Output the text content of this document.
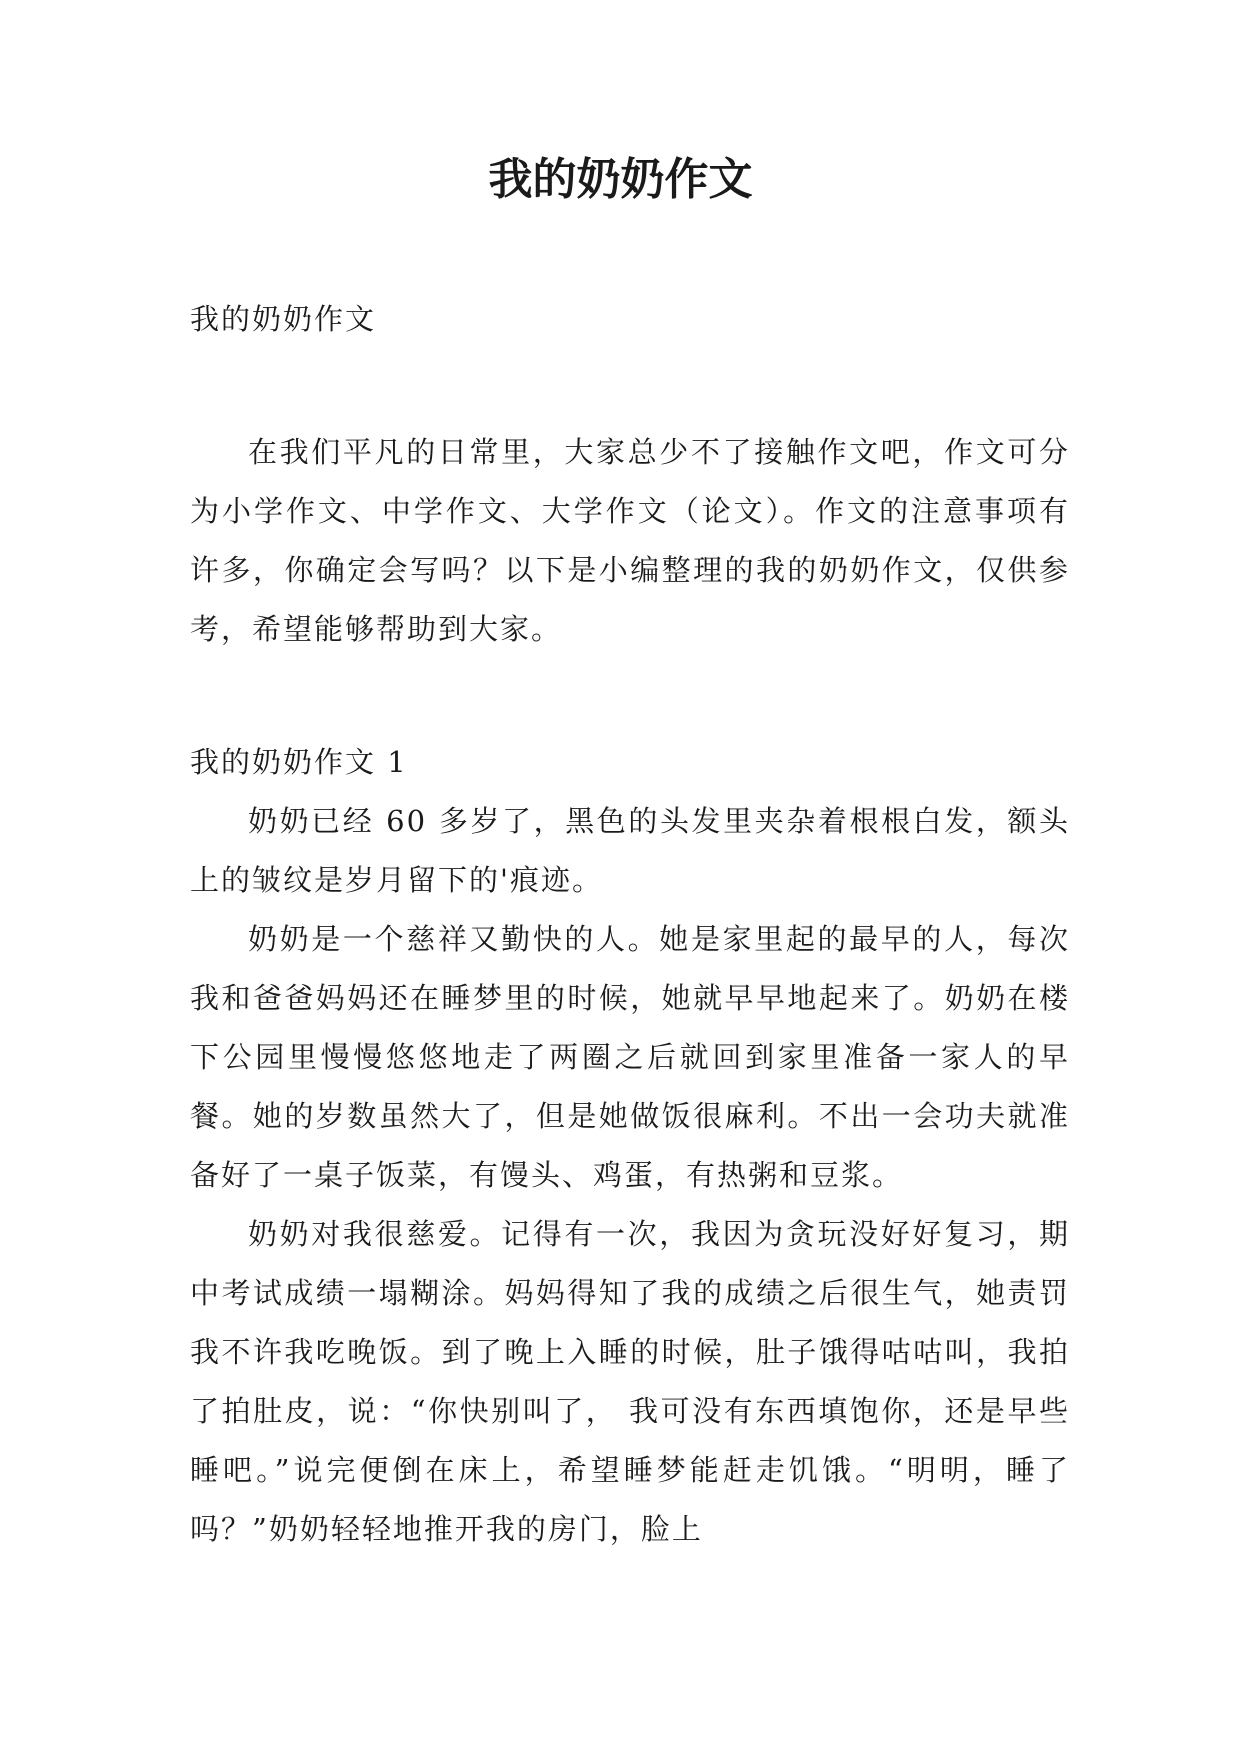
我的奶奶作文

我的奶奶作文

在我们平凡的日常里，大家总少不了接触作文吧，作文可分为小学作文、中学作文、大学作文（论文）。作文的注意事项有许多，你确定会写吗？以下是小编整理的我的奶奶作文，仅供参考，希望能够帮助到大家。

我的奶奶作文 1

奶奶已经 60 多岁了，黑色的头发里夹杂着根根白发，额头上的皱纹是岁月留下的'痕迹。

奶奶是一个慈祥又勤快的人。她是家里起的最早的人，每次我和爸爸妈妈还在睡梦里的时候，她就早早地起来了。奶奶在楼下公园里慢慢悠悠地走了两圈之后就回到家里准备一家人的早餐。她的岁数虽然大了，但是她做饭很麻利。不出一会功夫就准备好了一桌子饭菜，有馒头、鸡蛋，有热粥和豆浆。

奶奶对我很慈爱。记得有一次，我因为贪玩没好好复习，期中考试成绩一塌糊涂。妈妈得知了我的成绩之后很生气，她责罚我不许我吃晚饭。到了晚上入睡的时候，肚子饿得咕咕叫，我拍了拍肚皮，说：“你快别叫了， 我可没有东西填饱你，还是早些睡吧。”说完便倒在床上，希望睡梦能赶走饥饿。“明明，睡了吗？”奶奶轻轻地推开我的房门，脸上
